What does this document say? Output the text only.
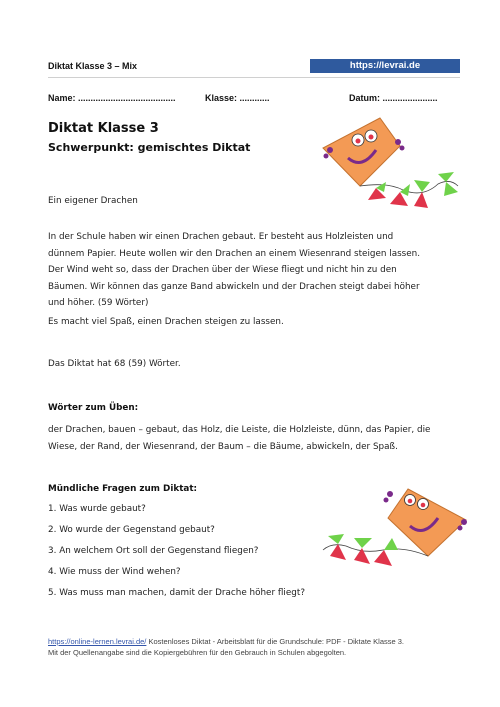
Diktat Klasse 3 – Mix	https://levrai.de
Name: .......................................	Klasse: ............	Datum: ......................
Diktat Klasse 3
Schwerpunkt: gemischtes Diktat
Ein eigener Drachen
In der Schule haben wir einen Drachen gebaut. Er besteht aus Holzleisten und
dünnem Papier. Heute wollen wir den Drachen an einem Wiesenrand steigen lassen.
Der Wind weht so, dass der Drachen über der Wiese fliegt und nicht hin zu den
Bäumen. Wir können das ganze Band abwickeln und der Drachen steigt dabei höher
und höher. (59 Wörter)
Es macht viel Spaß, einen Drachen steigen zu lassen.
Das Diktat hat 68 (59) Wörter.
Wörter zum Üben:
der Drachen, bauen – gebaut, das Holz, die Leiste, die Holzleiste, dünn, das Papier, die
Wiese, der Rand, der Wiesenrand, der Baum – die Bäume, abwickeln, der Spaß.
Mündliche Fragen zum Diktat:
1. Was wurde gebaut?
2. Wo wurde der Gegenstand gebaut?
3. An welchem Ort soll der Gegenstand fliegen?
4. Wie muss der Wind wehen?
5. Was muss man machen, damit der Drache höher fliegt?
https://online-lernen.levrai.de/ Kostenloses Diktat - Arbeitsblatt für die Grundschule: PDF - Diktate Klasse 3.
Mit der Quellenangabe sind die Kopiergebühren für den Gebrauch in Schulen abgegolten.
